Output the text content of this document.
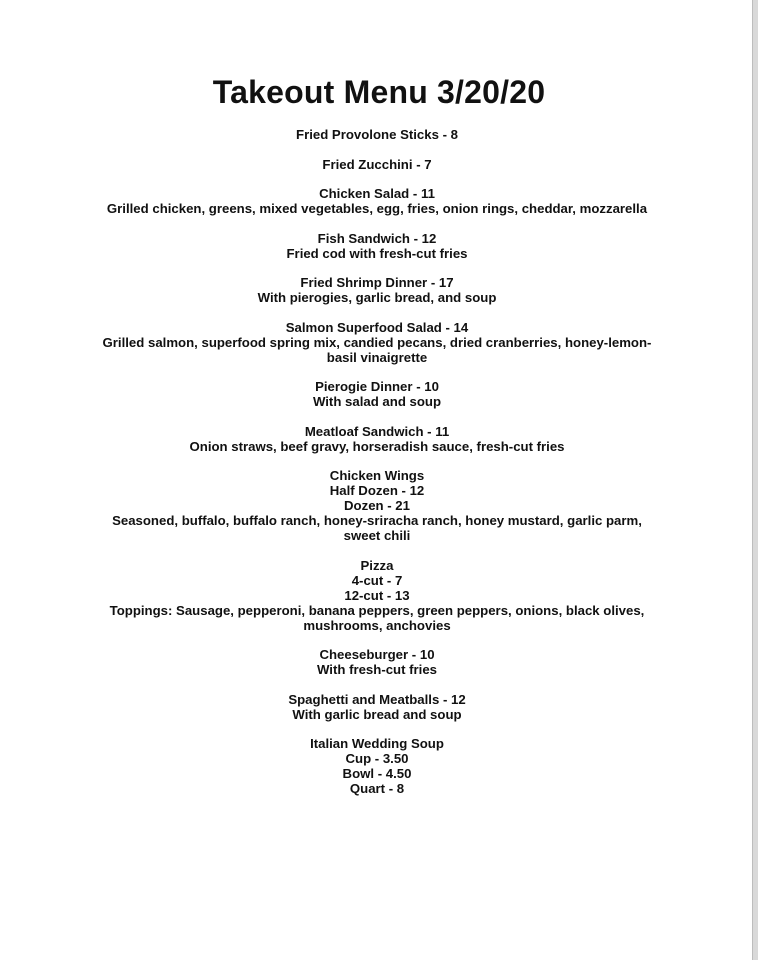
Takeout Menu 3/20/20
Fried Provolone Sticks - 8
Fried Zucchini - 7
Chicken Salad - 11
Grilled chicken, greens, mixed vegetables, egg, fries, onion rings, cheddar, mozzarella
Fish Sandwich - 12
Fried cod with fresh-cut fries
Fried Shrimp Dinner - 17
With pierogies, garlic bread, and soup
Salmon Superfood Salad - 14
Grilled salmon, superfood spring mix, candied pecans, dried cranberries, honey-lemon-
basil vinaigrette
Pierogie Dinner - 10
With salad and soup
Meatloaf Sandwich - 11
Onion straws, beef gravy, horseradish sauce, fresh-cut fries
Chicken Wings
Half Dozen - 12
Dozen - 21
Seasoned, buffalo, buffalo ranch, honey-sriracha ranch, honey mustard, garlic parm,
sweet chili
Pizza
4-cut - 7
12-cut - 13
Toppings: Sausage, pepperoni, banana peppers, green peppers, onions, black olives,
mushrooms, anchovies
Cheeseburger - 10
With fresh-cut fries
Spaghetti and Meatballs - 12
With garlic bread and soup
Italian Wedding Soup
Cup - 3.50
Bowl - 4.50
Quart - 8
